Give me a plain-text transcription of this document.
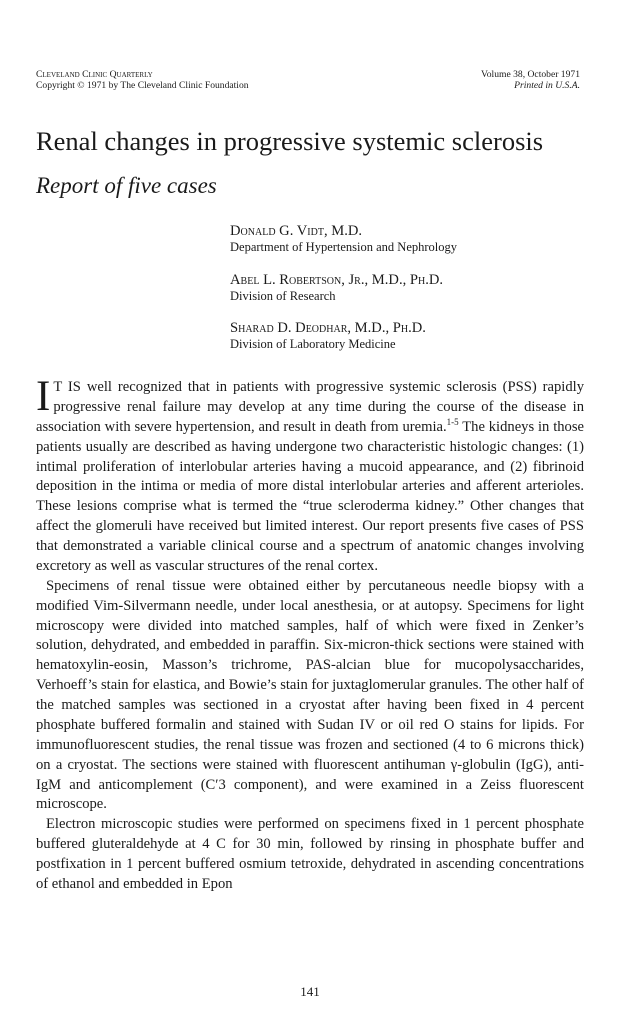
Cleveland Clinic Quarterly
Copyright © 1971 by The Cleveland Clinic Foundation
Volume 38, October 1971
Printed in U.S.A.
Renal changes in progressive systemic sclerosis
Report of five cases
Donald G. Vidt, M.D.
Department of Hypertension and Nephrology
Abel L. Robertson, Jr., M.D., Ph.D.
Division of Research
Sharad D. Deodhar, M.D., Ph.D.
Division of Laboratory Medicine

I T IS well recognized that in patients with progressive systemic sclerosis (PSS) rapidly progressive renal failure may develop at any time during the course of the disease in association with severe hypertension, and result in death from uremia.$^{1-5}$ The kidneys in those patients usually are described as having undergone two characteristic histologic changes: (1) intimal proliferation of interlobular arteries having a mucoid appearance, and (2) fibrinoid deposition in the intima or media of more distal interlobular arteries and afferent arterioles. These lesions comprise what is termed the “true scleroderma kidney.” Other changes that affect the glomeruli have received but limited interest. Our report presents five cases of PSS that demonstrated a variable clinical course and a spectrum of anatomic changes involving excretory as well as vascular structures of the renal cortex.

Specimens of renal tissue were obtained either by percutaneous needle biopsy with a modified Vim-Silvermann needle, under local anesthesia, or at autopsy. Specimens for light microscopy were divided into matched samples, half of which were fixed in Zenker’s solution, dehydrated, and embedded in paraffin. Six-micron-thick sections were stained with hematoxylin-eosin, Masson’s trichrome, PAS-alcian blue for mucopolysaccharides, Verhoeff’s stain for elastica, and Bowie’s stain for juxtaglomerular granules. The other half of the matched samples was sectioned in a cryostat after having been fixed in 4 percent phosphate buffered formalin and stained with Sudan IV or oil red O stains for lipids. For immunofluorescent studies, the renal tissue was frozen and sectioned (4 to 6 microns thick) on a cryostat. The sections were stained with fluorescent antihuman γ-globulin (IgG), anti-IgM and anticomplement (C′3 component), and were examined in a Zeiss fluorescent microscope.

Electron microscopic studies were performed on specimens fixed in 1 percent phosphate buffered gluteraldehyde at 4 C for 30 min, followed by rinsing in phosphate buffer and postfixation in 1 percent buffered osmium tetroxide, dehydrated in ascending concentrations of ethanol and embedded in Epon

141
